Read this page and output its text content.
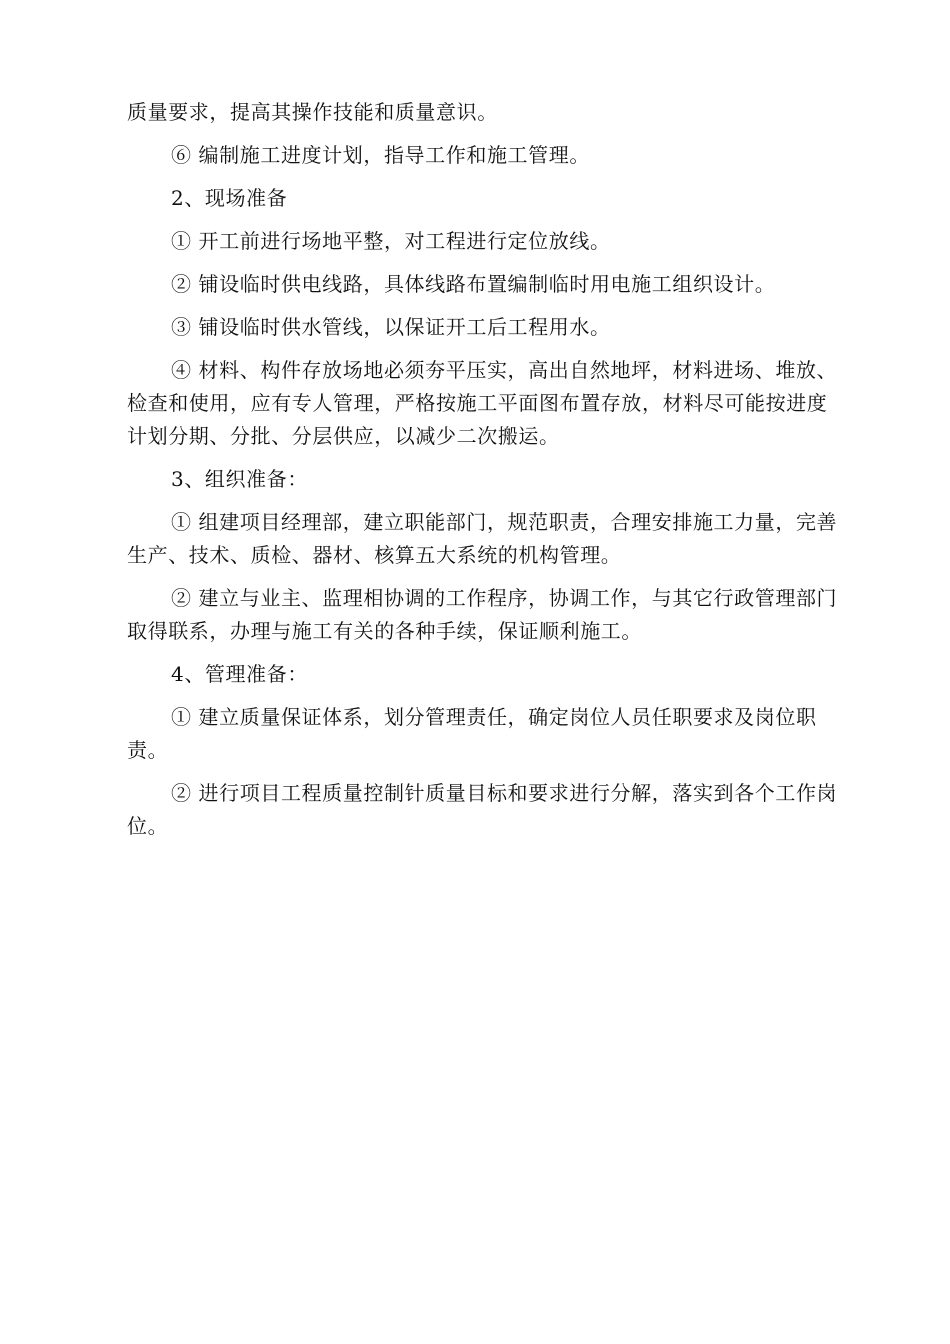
质量要求，提高其操作技能和质量意识。

⑥ 编制施工进度计划，指导工作和施工管理。

2、现场准备

① 开工前进行场地平整，对工程进行定位放线。

② 铺设临时供电线路，具体线路布置编制临时用电施工组织设计。

③ 铺设临时供水管线，以保证开工后工程用水。

④ 材料、构件存放场地必须夯平压实，高出自然地坪，材料进场、堆放、检查和使用，应有专人管理，严格按施工平面图布置存放，材料尽可能按进度计划分期、分批、分层供应，以减少二次搬运。

3、组织准备：

① 组建项目经理部，建立职能部门，规范职责，合理安排施工力量，完善生产、技术、质检、器材、核算五大系统的机构管理。

② 建立与业主、监理相协调的工作程序，协调工作，与其它行政管理部门取得联系，办理与施工有关的各种手续，保证顺利施工。

4、管理准备：

① 建立质量保证体系，划分管理责任，确定岗位人员任职要求及岗位职责。

② 进行项目工程质量控制针质量目标和要求进行分解，落实到各个工作岗位。
